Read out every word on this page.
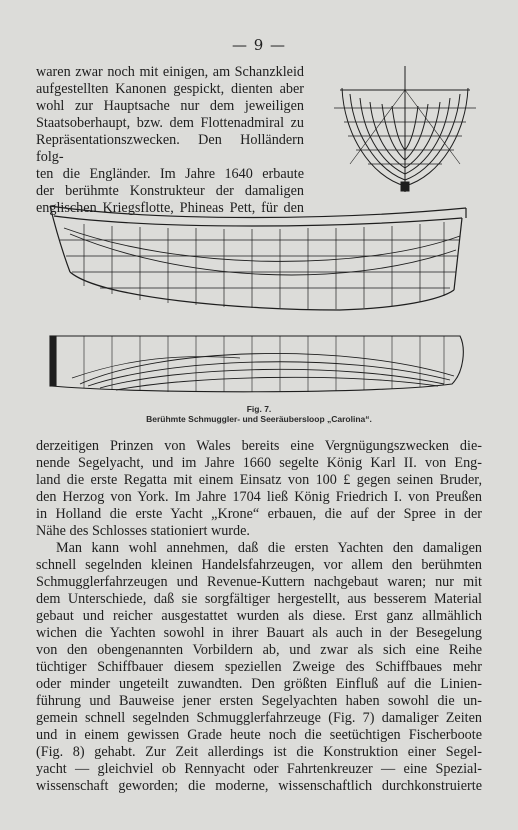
— 9 —
waren zwar noch mit einigen, am Schanzkleid
aufgestellten Kanonen gespickt, dienten aber
wohl zur Hauptsache nur dem jeweiligen
Staatsoberhaupt, bzw. dem Flottenadmiral zu
Repräsentationszwecken. Den Holländern folg-
ten die Engländer. Im Jahre 1640 erbaute
der berühmte Konstrukteur der damaligen
englischen Kriegsflotte, Phineas Pett, für den
Fig. 7.
Berühmte Schmuggler- und Seeräubersloop „Carolina“.
derzeitigen Prinzen von Wales bereits eine Vergnügungszwecken die-
nende Segelyacht, und im Jahre 1660 segelte König Karl II. von Eng-
land die erste Regatta mit einem Einsatz von 100 £ gegen seinen Bruder,
den Herzog von York. Im Jahre 1704 ließ König Friedrich I. von Preußen
in Holland die erste Yacht „Krone“ erbauen, die auf der Spree in der
Nähe des Schlosses stationiert wurde.
Man kann wohl annehmen, daß die ersten Yachten den damaligen
schnell segelnden kleinen Handelsfahrzeugen, vor allem den berühmten
Schmugglerfahrzeugen und Revenue-Kuttern nachgebaut waren; nur mit
dem Unterschiede, daß sie sorgfältiger hergestellt, aus besserem Material
gebaut und reicher ausgestattet wurden als diese. Erst ganz allmählich
wichen die Yachten sowohl in ihrer Bauart als auch in der Besegelung
von den obengenannten Vorbildern ab, und zwar als sich eine Reihe
tüchtiger Schiffbauer diesem speziellen Zweige des Schiffbaues mehr
oder minder ungeteilt zuwandten. Den größten Einfluß auf die Linien-
führung und Bauweise jener ersten Segelyachten haben sowohl die un-
gemein schnell segelnden Schmugglerfahrzeuge (Fig. 7) damaliger Zeiten
und in einem gewissen Grade heute noch die seetüchtigen Fischerboote
(Fig. 8) gehabt. Zur Zeit allerdings ist die Konstruktion einer Segel-
yacht — gleichviel ob Rennyacht oder Fahrtenkreuzer — eine Spezial-
wissenschaft geworden; die moderne, wissenschaftlich durchkonstruierte
